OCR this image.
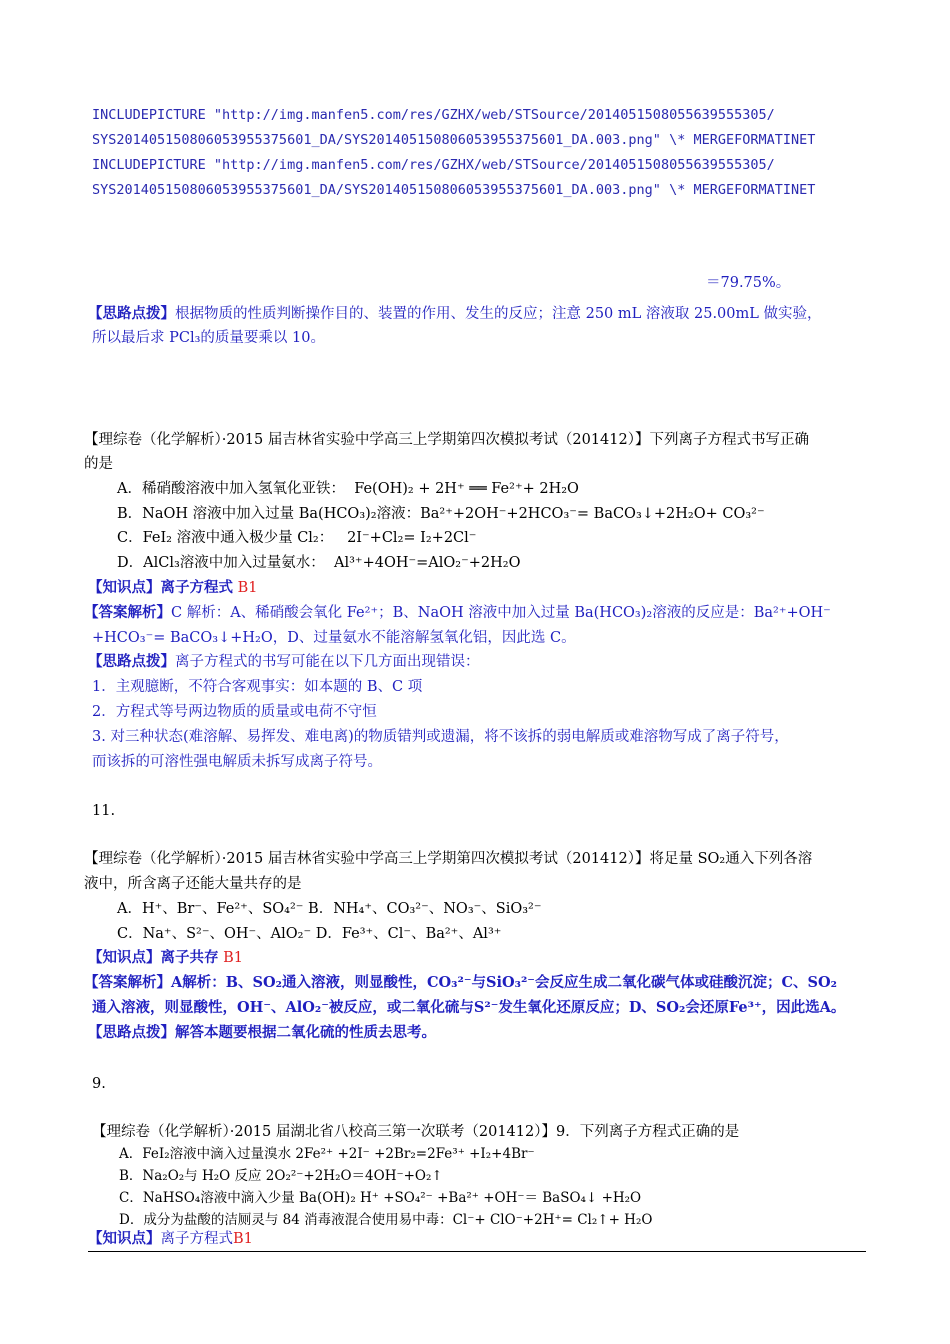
INCLUDEPICTURE "http://img.manfen5.com/res/GZHX/web/STSource/2014051508055639555305/
SYS201405150806053955375601_DA/SYS201405150806053955375601_DA.003.png" \* MERGEFORMATINET
INCLUDEPICTURE "http://img.manfen5.com/res/GZHX/web/STSource/2014051508055639555305/
SYS201405150806053955375601_DA/SYS201405150806053955375601_DA.003.png" \* MERGEFORMATINET
＝79.75%。
【思路点拨】根据物质的性质判断操作目的、装置的作用、发生的反应；注意 250 mL 溶液取 25.00mL 做实验，
所以最后求 PCl₃的质量要乘以 10。
【理综卷（化学解析）·2015 届吉林省实验中学高三上学期第四次模拟考试（201412）】下列离子方程式书写正确
的是
A．稀硝酸溶液中加入氢氧化亚铁： Fe(OH)₂ + 2H⁺ ══ Fe²⁺+ 2H₂O
B．NaOH 溶液中加入过量 Ba(HCO₃)₂溶液：Ba²⁺+2OH⁻+2HCO₃⁻= BaCO₃↓+2H₂O+ CO₃²⁻
C．FeI₂ 溶液中通入极少量 Cl₂： 2I⁻+Cl₂= I₂+2Cl⁻
D．AlCl₃溶液中加入过量氨水： Al³⁺+4OH⁻=AlO₂⁻+2H₂O
【知识点】离子方程式 B1
【答案解析】C 解析：A、稀硝酸会氧化 Fe²⁺；B、NaOH 溶液中加入过量 Ba(HCO₃)₂溶液的反应是：Ba²⁺+OH⁻
+HCO₃⁻= BaCO₃↓+H₂O，D、过量氨水不能溶解氢氧化铝，因此选 C。
【思路点拨】离子方程式的书写可能在以下几方面出现错误：
1．主观臆断，不符合客观事实：如本题的 B、C 项
2．方程式等号两边物质的质量或电荷不守恒
3. 对三种状态(难溶解、易挥发、难电离)的物质错判或遗漏，将不该拆的弱电解质或难溶物写成了离子符号，
而该拆的可溶性强电解质未拆写成离子符号。
11.
【理综卷（化学解析）·2015 届吉林省实验中学高三上学期第四次模拟考试（201412）】将足量 SO₂通入下列各溶
液中，所含离子还能大量共存的是
A．H⁺、Br⁻、Fe²⁺、SO₄²⁻ B．NH₄⁺、CO₃²⁻、NO₃⁻、SiO₃²⁻
C．Na⁺、S²⁻、OH⁻、AlO₂⁻ D．Fe³⁺、Cl⁻、Ba²⁺、Al³⁺
【知识点】离子共存 B1
【答案解析】A解析：B、SO₂通入溶液，则显酸性，CO₃²⁻与SiO₃²⁻会反应生成二氧化碳气体或硅酸沉淀；C、SO₂
通入溶液，则显酸性，OH⁻、AlO₂⁻被反应，或二氧化硫与S²⁻发生氧化还原反应；D、SO₂会还原Fe³⁺，因此选A。
【思路点拨】解答本题要根据二氧化硫的性质去思考。
9.
【理综卷（化学解析）·2015 届湖北省八校高三第一次联考（201412）】9．下列离子方程式正确的是
A．FeI₂溶液中滴入过量溴水 2Fe²⁺ +2I⁻ +2Br₂=2Fe³⁺ +I₂+4Br⁻
B．Na₂O₂与 H₂O 反应 2O₂²⁻+2H₂O＝4OH⁻+O₂↑
C．NaHSO₄溶液中滴入少量 Ba(OH)₂ H⁺ +SO₄²⁻ +Ba²⁺ +OH⁻＝ BaSO₄↓ +H₂O
D．成分为盐酸的洁厕灵与 84 消毒液混合使用易中毒：Cl⁻+ ClO⁻+2H⁺= Cl₂↑+ H₂O
【知识点】离子方程式B1
